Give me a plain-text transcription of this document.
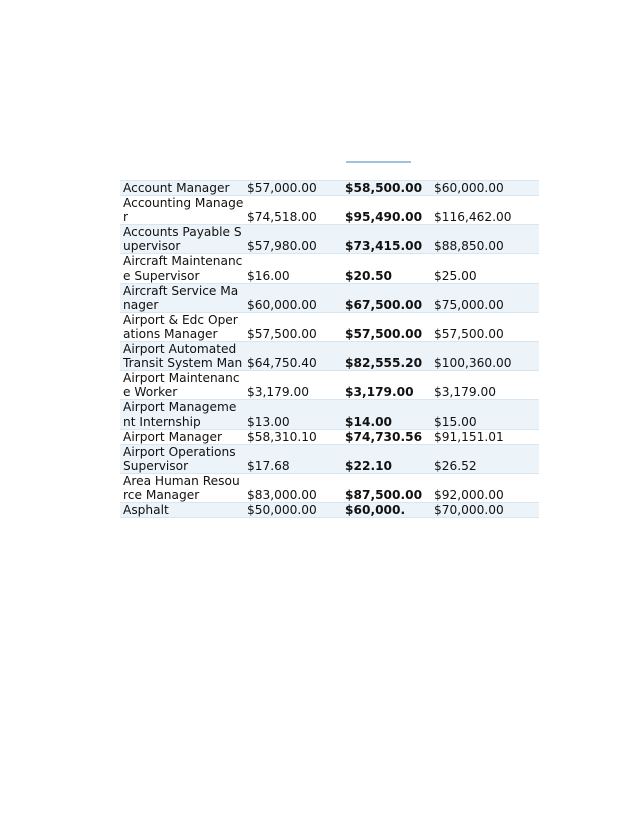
Account Manager	$57,000.00	$58,500.00	$60,000.00
Accounting Manager	$74,518.00	$95,490.00	$116,462.00
Accounts Payable Supervisor	$57,980.00	$73,415.00	$88,850.00
Aircraft Maintenance Supervisor	$16.00	$20.50	$25.00
Aircraft Service Manager	$60,000.00	$67,500.00	$75,000.00
Airport & Edc Operations Manager	$57,500.00	$57,500.00	$57,500.00
Airport Automated Transit System Man	$64,750.40	$82,555.20	$100,360.00
Airport Maintenance Worker	$3,179.00	$3,179.00	$3,179.00
Airport Management Internship	$13.00	$14.00	$15.00
Airport Manager	$58,310.10	$74,730.56	$91,151.01
Airport Operations Supervisor	$17.68	$22.10	$26.52
Area Human Resource Manager	$83,000.00	$87,500.00	$92,000.00
Asphalt	$50,000.00	$60,000.	$70,000.00
